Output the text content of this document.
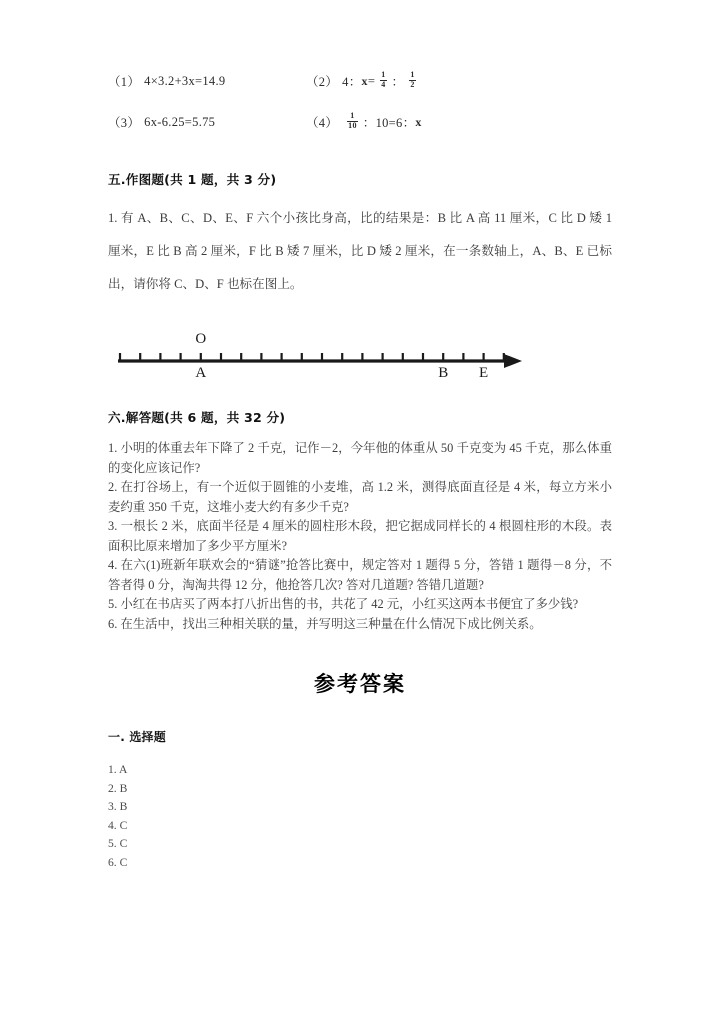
（1） 4×3.2+3x=14.9	（2） 4： $x = \frac{1}{4}$ ： $\frac{1}{2}$
（3） 6x-6.25=5.75	$(4) \frac{1}{10}$ ： 10=6： x
五.作图题(共 1 题，共 3 分)
1. 有 A、B、C、D、E、F 六个小孩比身高，比的结果是：B 比 A 高 11 厘米，C 比 D 矮 1 厘米，E 比 B 高 2 厘米，F 比 B 矮 7 厘米，比 D 矮 2 厘米，在一条数轴上，A、B、E 已标出，请你将 C、D、F 也标在图上。
O
A	B E
六.解答题(共 6 题，共 32 分)

1. 小明的体重去年下降了 2 千克，记作－2，今年他的体重从 50 千克变为 45 千克，那么体重的变化应该记作?

2. 在打谷场上，有一个近似于圆锥的小麦堆，高 1.2 米，测得底面直径是 4 米，每立方米小麦约重 350 千克，这堆小麦大约有多少千克?

3. 一根长 2 米，底面半径是 4 厘米的圆柱形木段，把它据成同样长的 4 根圆柱形的木段。表面积比原来增加了多少平方厘米?

4. 在六(1)班新年联欢会的“猜谜”抢答比赛中，规定答对 1 题得 5 分，答错 1 题得－8 分，不答者得 0 分，淘淘共得 12 分，他抢答几次? 答对几道题? 答错几道题?

5. 小红在书店买了两本打八折出售的书，共花了 42 元，小红买这两本书便宜了多少钱?

6. 在生活中，找出三种相关联的量，并写明这三种量在什么情况下成比例关系。

参考答案
一. 选择题
1. A
2. B
3. B
4. C
5. C
6. C
